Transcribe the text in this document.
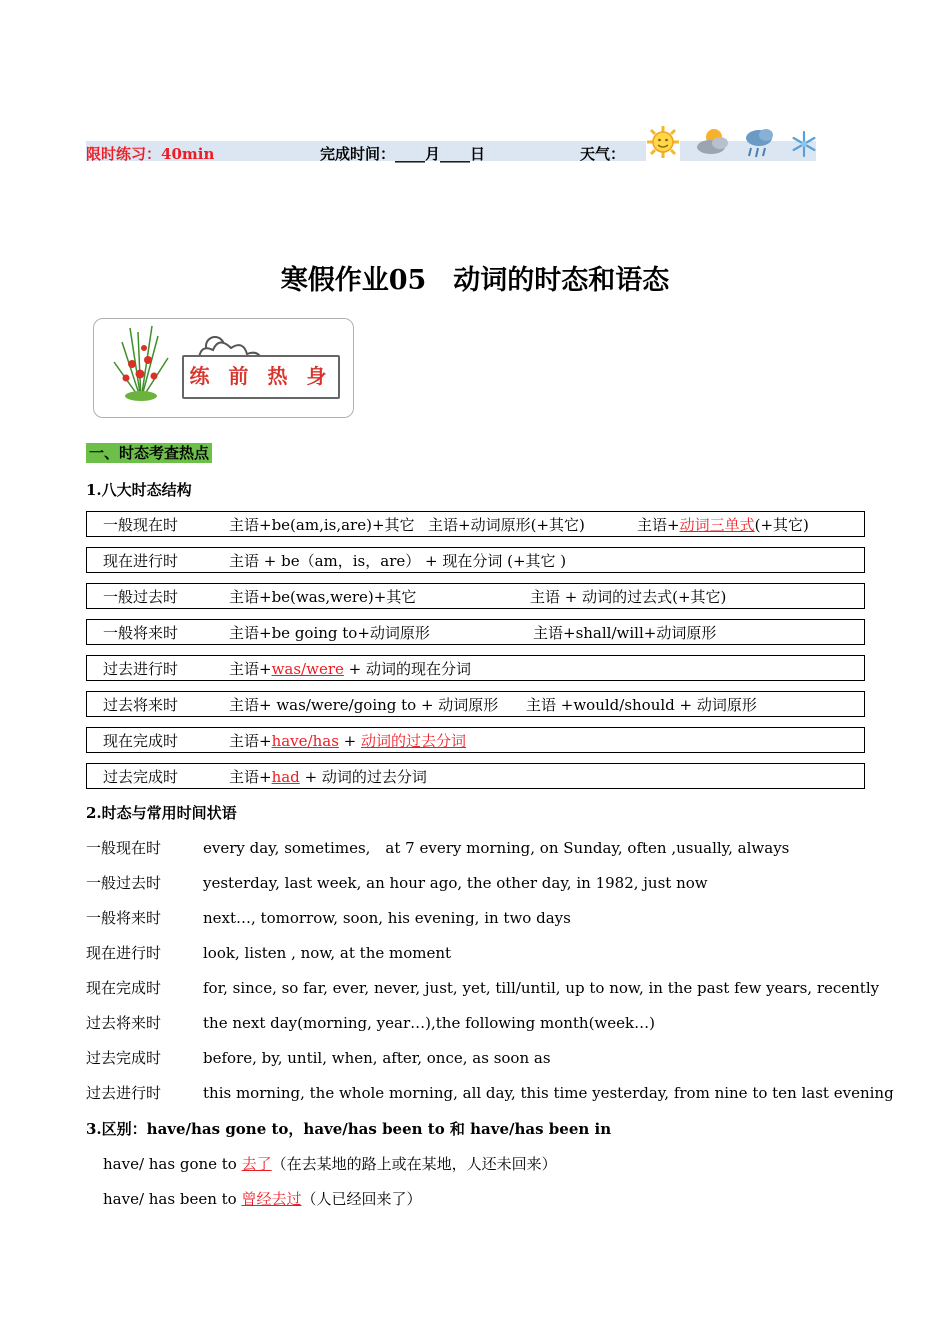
限时练习：40min	完成时间：____月____日	天气：
寒假作业05　动词的时态和语态
练 前 热 身
一、时态考查热点
1.八大时态结构
一般现在时	主语+be(am,is,are)+其它 主语+动词原形(+其它)	主语+动词三单式(+其它)
现在进行时	主语 + be（am，is，are） + 现在分词 (+其它 )
一般过去时	主语+be(was,were)+其它	主语 + 动词的过去式(+其它)
一般将来时	主语+be going to+动词原形	主语+shall/will+动词原形
过去进行时	主语+was/were + 动词的现在分词
过去将来时	主语+ was/were/going to + 动词原形 主语 +would/should + 动词原形
现在完成时	主语+have/has + 动词的过去分词
过去完成时	主语+had + 动词的过去分词
2.时态与常用时间状语
一般现在时	every day, sometimes,　at 7 every morning, on Sunday, often ,usually, always
一般过去时	yesterday, last week, an hour ago, the other day, in 1982, just now
一般将来时	next…, tomorrow, soon, his evening, in two days
现在进行时	look, listen , now, at the moment
现在完成时	for, since, so far, ever, never, just, yet, till/until, up to now, in the past few years, recently
过去将来时	the next day(morning, year…),the following month(week…)
过去完成时	before, by, until, when, after, once, as soon as
过去进行时	this morning, the whole morning, all day, this time yesterday, from nine to ten last evening
3.区别：have/has gone to，have/has been to 和 have/has been in
have/ has gone to 去了（在去某地的路上或在某地，人还未回来）
have/ has been to 曾经去过（人已经回来了）
